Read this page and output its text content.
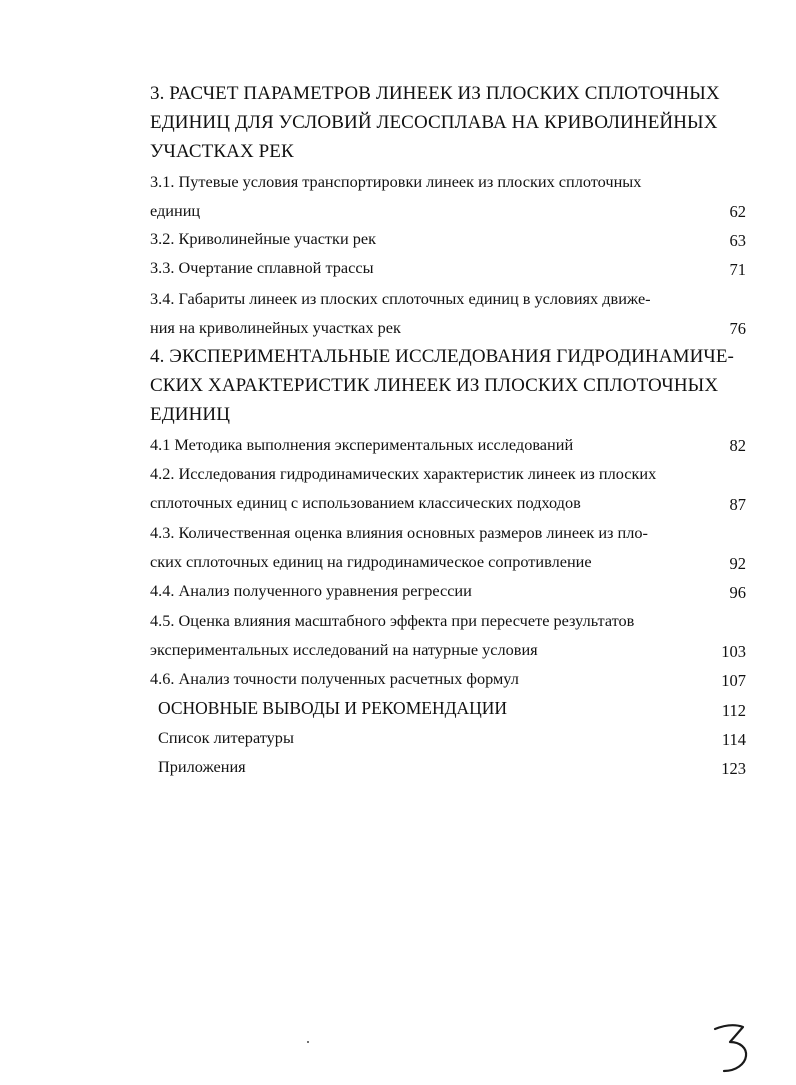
3. РАСЧЕТ ПАРАМЕТРОВ ЛИНЕЕК ИЗ ПЛОСКИХ СПЛОТОЧНЫХ
ЕДИНИЦ ДЛЯ УСЛОВИЙ ЛЕСОСПЛАВА НА КРИВОЛИНЕЙНЫХ
УЧАСТКАХ РЕК
3.1. Путевые условия транспортировки линеек из плоских сплоточных
единиц	62
3.2. Криволинейные участки рек	63
3.3. Очертание сплавной трассы	71
3.4. Габариты линеек из плоских сплоточных единиц в условиях движе-
ния на криволинейных участках рек	76
4. ЭКСПЕРИМЕНТАЛЬНЫЕ ИССЛЕДОВАНИЯ ГИДРОДИНАМИЧЕ-
СКИХ ХАРАКТЕРИСТИК ЛИНЕЕК ИЗ ПЛОСКИХ СПЛОТОЧНЫХ
ЕДИНИЦ
4.1 Методика выполнения экспериментальных исследований	82
4.2. Исследования гидродинамических характеристик линеек из плоских
сплоточных единиц с использованием классических подходов	87
4.3. Количественная оценка влияния основных размеров линеек из пло-
ских сплоточных единиц на гидродинамическое сопротивление	92
4.4. Анализ полученного уравнения регрессии	96
4.5. Оценка влияния масштабного эффекта при пересчете результатов
экспериментальных исследований на натурные условия	103
4.6. Анализ точности полученных расчетных формул	107
ОСНОВНЫЕ ВЫВОДЫ И РЕКОМЕНДАЦИИ	112
Список литературы	114
Приложения	123
